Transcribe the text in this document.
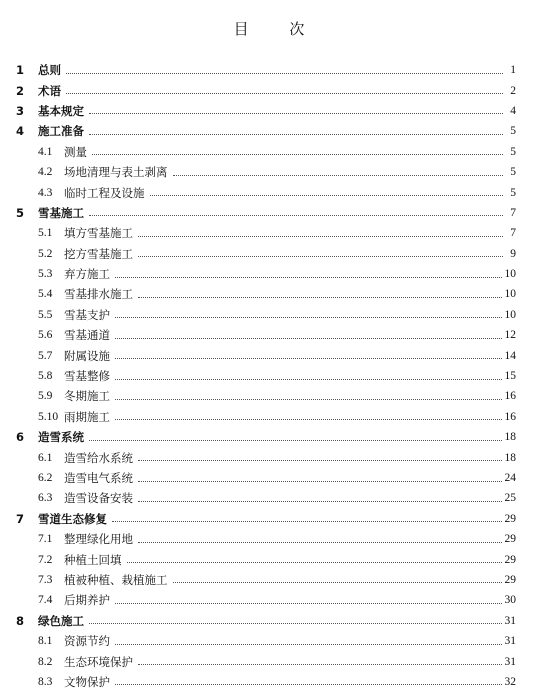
目 次
1	总则	1
2	术语	2
3	基本规定	4
4	施工准备	5
4.1	测量	5
4.2	场地清理与表土剥离	5
4.3	临时工程及设施	5
5	雪基施工	7
5.1	填方雪基施工	7
5.2	挖方雪基施工	9
5.3	弃方施工	10
5.4	雪基排水施工	10
5.5	雪基支护	10
5.6	雪基通道	12
5.7	附属设施	14
5.8	雪基整修	15
5.9	冬期施工	16
5.10 雨期施工	16
6	造雪系统	18
6.1	造雪给水系统	18
6.2	造雪电气系统	24
6.3	造雪设备安装	25
7	雪道生态修复	29
7.1	整理绿化用地	29
7.2	种植土回填	29
7.3	植被种植、栽植施工	29
7.4	后期养护	30
8	绿色施工	31
8.1	资源节约	31
8.2	生态环境保护	31
8.3	文物保护	32
